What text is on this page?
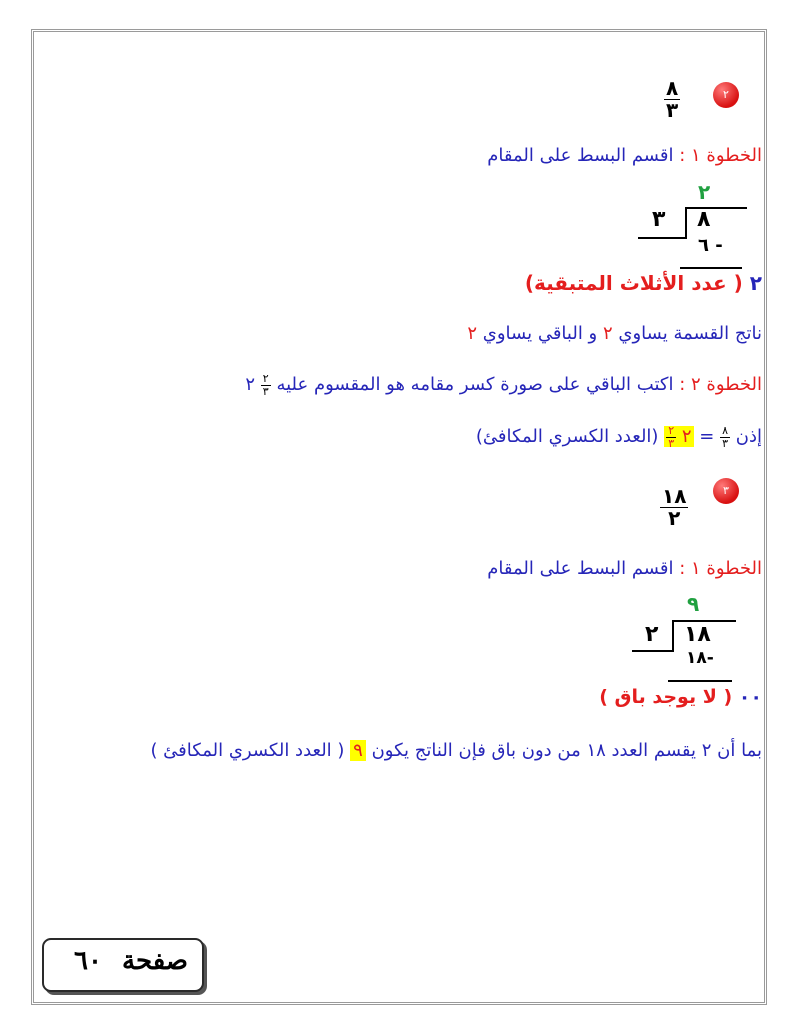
٢
$\frac{٨}{٣}$
الخطوة ١ : اقسم البسط على المقام
٢
٣ ٨
٦ -
٢ ( عدد الأثلاث المتبقية)
ناتج القسمة يساوي ٢ و الباقي يساوي ٢
الخطوة ٢ : اكتب الباقي على صورة كسر مقامه هو المقسوم عليه
$\frac{٢}{٣}$
٢
إذن
$\frac{٨}{٣}$
= ٢
$\frac{٢}{٣}$
(العدد الكسري المكافئ)
٣
$\frac{١٨}{٢}$
الخطوة ١ : اقسم البسط على المقام
٩
٢ ١٨
١٨-
٠٠ ( لا يوجد باق )
بما أن ٢ يقسم العدد ١٨ من دون باق فإن الناتج يكون ٩ ( العدد الكسري المكافئ )
صفحة
٦٠
